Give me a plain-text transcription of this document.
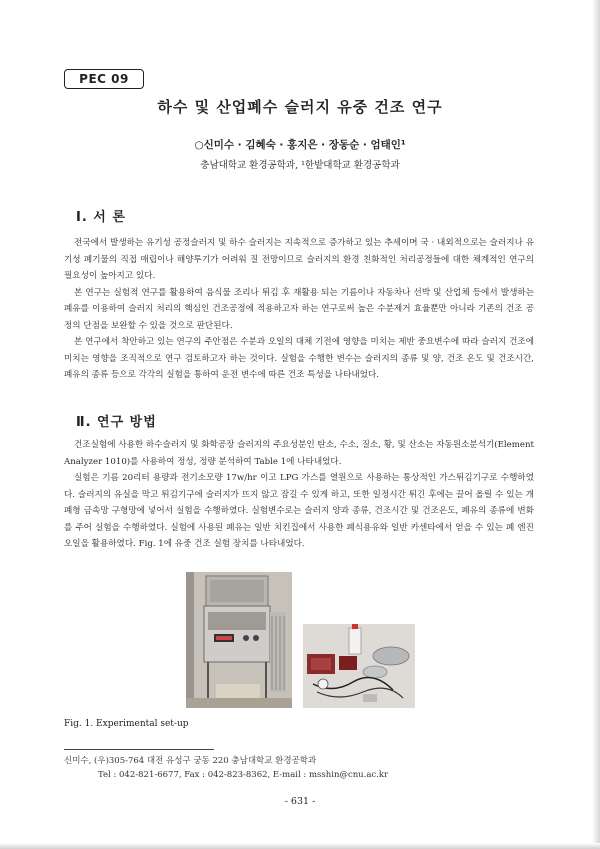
PEC 09
하수 및 산업폐수 슬러지 유중 건조 연구
○신미수 · 김혜숙 · 홍지은 · 장동순 · 엄태인¹
충남대학교 환경공학과, ¹한밭대학교 환경공학과
Ⅰ. 서 론

전국에서 발생하는 유기성 공정슬러지 및 하수 슬러지는 지속적으로 증가하고 있는 추세이며 국 · 내외적으로는 슬러지나 유기성 폐기물의 직접 매립이나 해양투기가 어려워 질 전망이므로 슬러지의 환경 친화적인 처리공정들에 대한 체계적인 연구의 필요성이 높아지고 있다.

본 연구는 실험적 연구를 활용하여 음식물 조리나 튀김 후 재활용 되는 기름이나 자동차나 선박 및 산업체 등에서 발생하는 폐유를 이용하여 슬러지 처리의 핵심인 건조공정에 적용하고자 하는 연구로써 높은 수분제거 효율뿐만 아니라 기존의 건조 공정의 단점을 보완할 수 있을 것으로 판단된다.

본 연구에서 착안하고 있는 연구의 주안점은 수분과 오일의 대체 기전에 영향을 미치는 제반 중요변수에 따라 슬러지 건조에 미치는 영향을 조직적으로 연구 검토하고자 하는 것이다. 실험을 수행한 변수는 슬러지의 종류 및 양, 건조 온도 및 건조시간, 폐유의 종류 등으로 각각의 실험을 통하여 운전 변수에 따른 건조 특성을 나타내었다.

Ⅱ. 연구 방법

건조실험에 사용한 하수슬러지 및 화학공장 슬러지의 주요성분인 탄소, 수소, 질소, 황, 및 산소는 자동원소분석기(Element Analyzer 1010)를 사용하여 정성, 정량 분석하여 Table 1에 나타내었다.

실험은 기름 20리터 용량과 전기소모량 17w/hr 이고 LPG 가스를 열원으로 사용하는 통상적인 가스튀김기구로 수행하였다. 슬러지의 유실을 막고 튀김기구에 슬러지가 뜨지 않고 잠길 수 있게 하고, 또한 일정시간 튀긴 후에는 끌어 올릴 수 있는 개폐형 금속망 구형망에 넣어서 실험을 수행하였다. 실험변수로는 슬러지 양과 종류, 건조시간 및 건조온도, 폐유의 종류에 변화를 주어 실험을 수행하였다. 실험에 사용된 폐유는 일반 치킨집에서 사용한 폐식용유와 일반 카센타에서 얻을 수 있는 폐 엔진오일을 활용하였다. Fig. 1에 유중 건조 실험 장치를 나타내었다.

Fig. 1. Experimental set-up
신미수, (우)305-764 대전 유성구 궁동 220 충남대학교 환경공학과
Tel : 042-821-6677, Fax : 042-823-8362, E-mail : msshin@cnu.ac.kr
- 631 -
